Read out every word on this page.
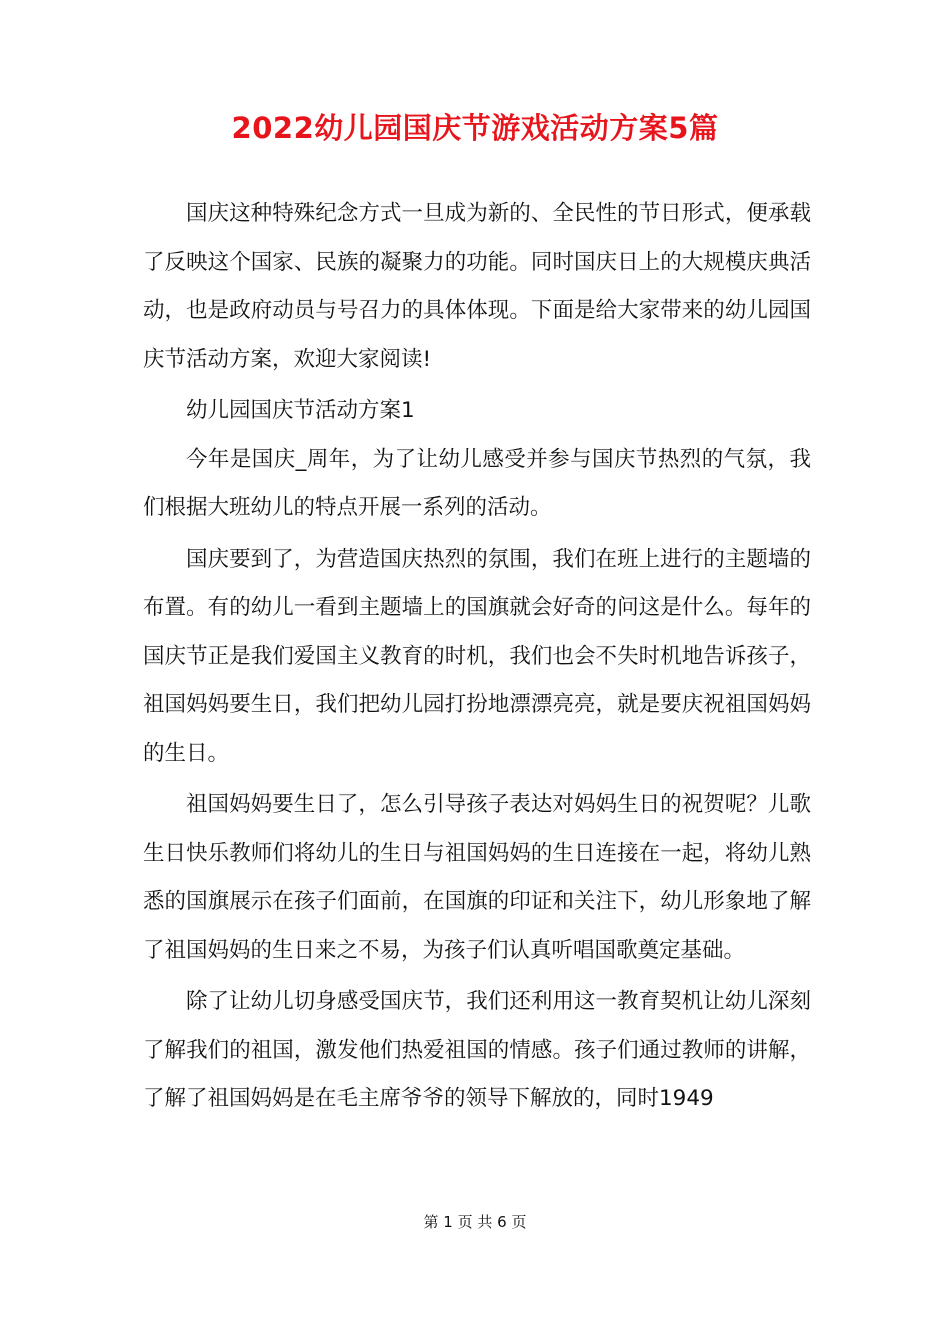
2022幼儿园国庆节游戏活动方案5篇

国庆这种特殊纪念方式一旦成为新的、全民性的节日形式，便承载了反映这个国家、民族的凝聚力的功能。同时国庆日上的大规模庆典活动，也是政府动员与号召力的具体体现。下面是给大家带来的幼儿园国庆节活动方案，欢迎大家阅读!

幼儿园国庆节活动方案1

今年是国庆_周年，为了让幼儿感受并参与国庆节热烈的气氛，我们根据大班幼儿的特点开展一系列的活动。

国庆要到了，为营造国庆热烈的氛围，我们在班上进行的主题墙的布置。有的幼儿一看到主题墙上的国旗就会好奇的问这是什么。每年的国庆节正是我们爱国主义教育的时机，我们也会不失时机地告诉孩子，祖国妈妈要生日，我们把幼儿园打扮地漂漂亮亮，就是要庆祝祖国妈妈的生日。

祖国妈妈要生日了，怎么引导孩子表达对妈妈生日的祝贺呢？儿歌生日快乐教师们将幼儿的生日与祖国妈妈的生日连接在一起，将幼儿熟悉的国旗展示在孩子们面前，在国旗的印证和关注下，幼儿形象地了解了祖国妈妈的生日来之不易，为孩子们认真听唱国歌奠定基础。

除了让幼儿切身感受国庆节，我们还利用这一教育契机让幼儿深刻了解我们的祖国，激发他们热爱祖国的情感。孩子们通过教师的讲解，了解了祖国妈妈是在毛主席爷爷的领导下解放的，同时1949

第 1 页 共 6 页
